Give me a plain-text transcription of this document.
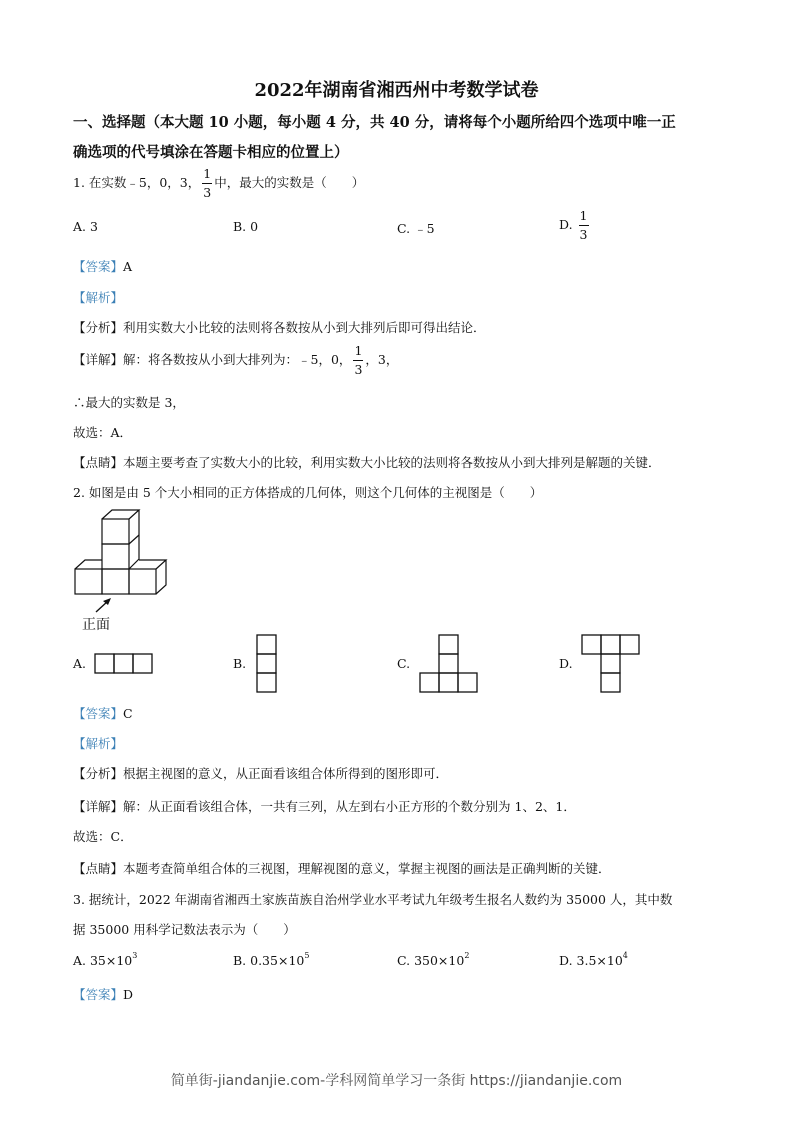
2022年湖南省湘西州中考数学试卷
一、选择题（本大题 10 小题，每小题 4 分，共 40 分，请将每个小题所给四个选项中唯一正
确选项的代号填涂在答题卡相应的位置上）
1. 在实数﹣5，0，3， $\frac{1}{3}$ 中，最大的实数是（　　）
A. 3	B. 0	C. ﹣5	D. $\frac{1}{3}$
【答案】A
【解析】
【分析】利用实数大小比较的法则将各数按从小到大排列后即可得出结论．
【详解】解：将各数按从小到大排列为：﹣5，0， $\frac{1}{3}$ ，3，
∴最大的实数是 3，
故选：A．
【点睛】本题主要考查了实数大小的比较，利用实数大小比较的法则将各数按从小到大排列是解题的关键．
2. 如图是由 5 个大小相同的正方体搭成的几何体，则这个几何体的主视图是（　　）
正面
A.	B.	C.	D.
【答案】C
【解析】
【分析】根据主视图的意义，从正面看该组合体所得到的图形即可．
【详解】解：从正面看该组合体，一共有三列，从左到右小正方形的个数分别为 1、2、1．
故选：C．
【点睛】本题考查简单组合体的三视图，理解视图的意义，掌握主视图的画法是正确判断的关键．
3. 据统计，2022 年湖南省湘西土家族苗族自治州学业水平考试九年级考生报名人数约为 35000 人，其中数
据 35000 用科学记数法表示为（　　）
A. $35\times 10^3$	B. $0.35\times 10^5$	C. $350\times 10^2$	D. $3.5\times 10^4$
【答案】D
简单街-jiandanjie.com-学科网简单学习一条街 https://jiandanjie.com
